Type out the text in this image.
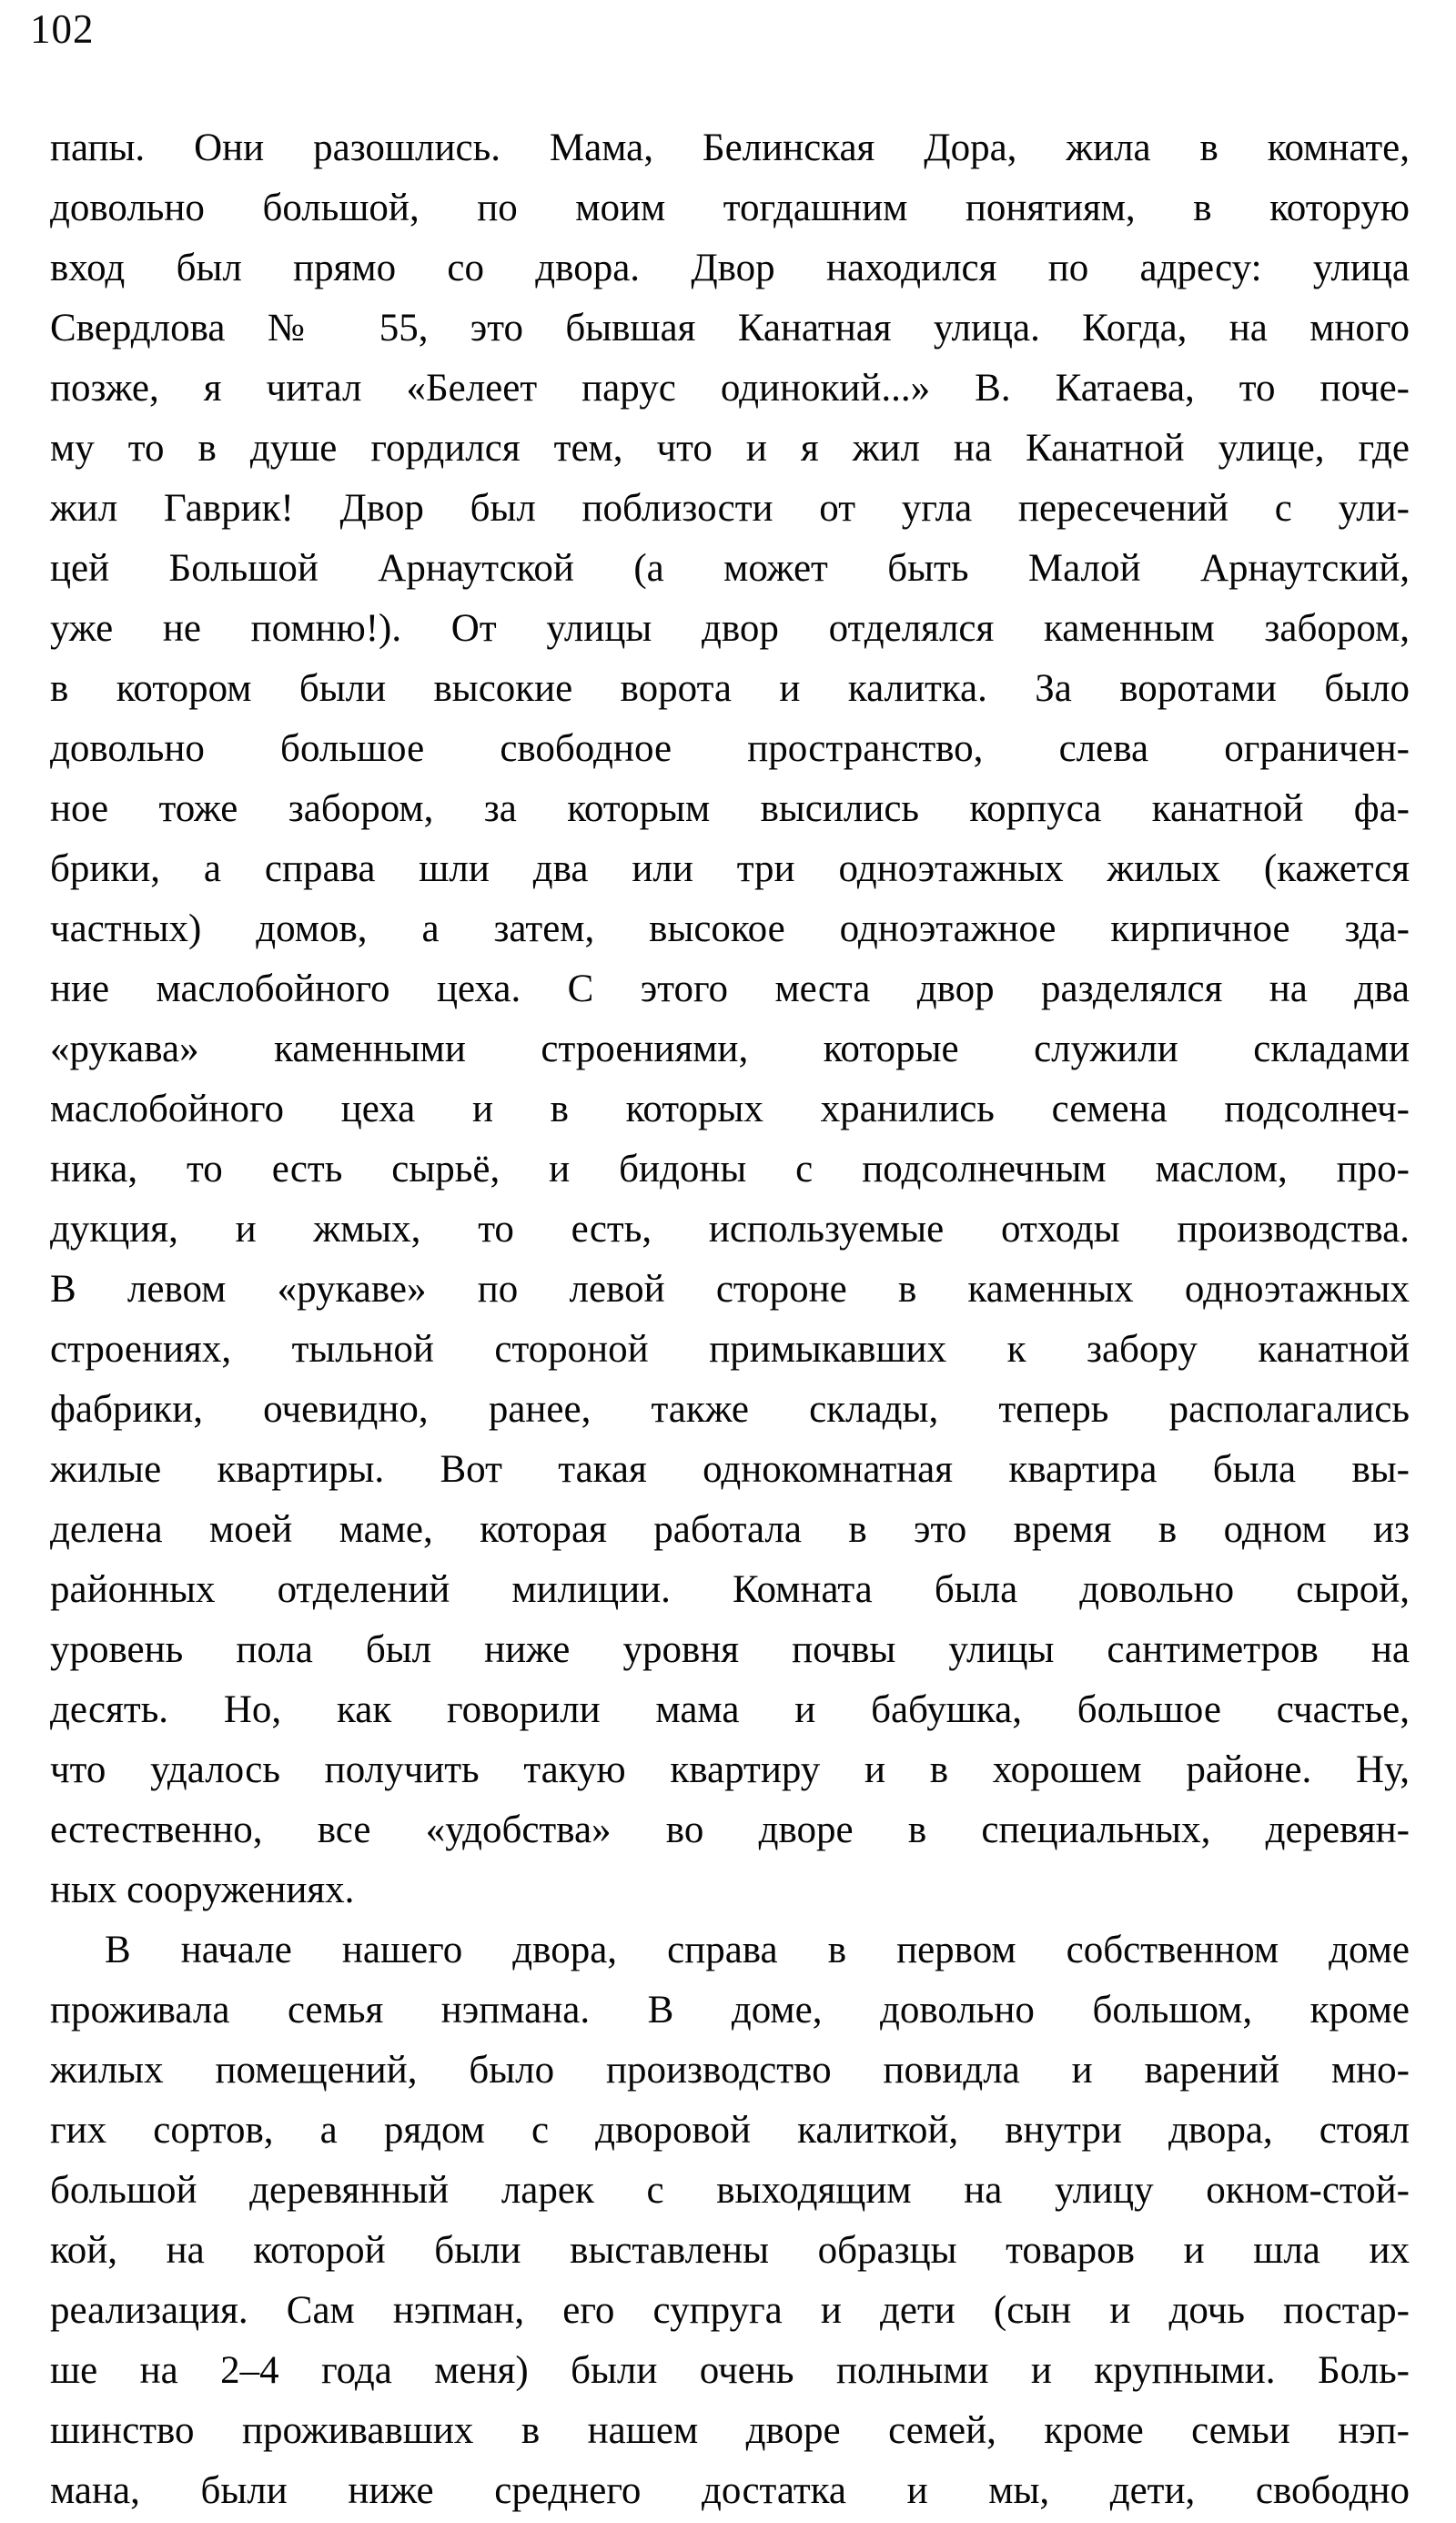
102
папы. Они разошлись. Мама, Белинская Дора, жила в комнате,
довольно большой, по моим тогдашним понятиям, в которую
вход был прямо со двора. Двор находился по адресу: улица
Свердлова № 55, это бывшая Канатная улица. Когда, на много
позже, я читал «Белеет парус одинокий...» В. Катаева, то поче-
му то в душе гордился тем, что и я жил на Канатной улице, где
жил Гаврик! Двор был поблизости от угла пересечений с ули-
цей Большой Арнаутской (а может быть Малой Арнаутский,
уже не помню!). От улицы двор отделялся каменным забором,
в котором были высокие ворота и калитка. За воротами было
довольно большое свободное пространство, слева ограничен-
ное тоже забором, за которым высились корпуса канатной фа-
брики, а справа шли два или три одноэтажных жилых (кажется
частных) домов, а затем, высокое одноэтажное кирпичное зда-
ние маслобойного цеха. С этого места двор разделялся на два
«рукава» каменными строениями, которые служили складами
маслобойного цеха и в которых хранились семена подсолнеч-
ника, то есть сырьё, и бидоны с подсолнечным маслом, про-
дукция, и жмых, то есть, используемые отходы производства.
В левом «рукаве» по левой стороне в каменных одноэтажных
строениях, тыльной стороной примыкавших к забору канатной
фабрики, очевидно, ранее, также склады, теперь располагались
жилые квартиры. Вот такая однокомнатная квартира была вы-
делена моей маме, которая работала в это время в одном из
районных отделений милиции. Комната была довольно сырой,
уровень пола был ниже уровня почвы улицы сантиметров на
десять. Но, как говорили мама и бабушка, большое счастье,
что удалось получить такую квартиру и в хорошем районе. Ну,
естественно, все «удобства» во дворе в специальных, деревян-
ных сооружениях.
В начале нашего двора, справа в первом собственном доме
проживала семья нэпмана. В доме, довольно большом, кроме
жилых помещений, было производство повидла и варений мно-
гих сортов, а рядом с дворовой калиткой, внутри двора, стоял
большой деревянный ларек с выходящим на улицу окном-стой-
кой, на которой были выставлены образцы товаров и шла их
реализация. Сам нэпман, его супруга и дети (сын и дочь постар-
ше на 2–4 года меня) были очень полными и крупными. Боль-
шинство проживавших в нашем дворе семей, кроме семьи нэп-
мана, были ниже среднего достатка и мы, дети, свободно
